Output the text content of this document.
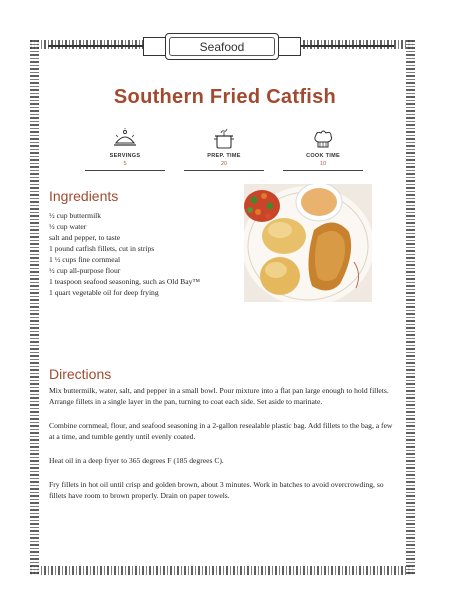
Seafood
Southern Fried Catfish
SERVINGS
5
PREP. TIME
20
COOK TIME
10
Ingredients
½ cup buttermilk
½ cup water
salt and pepper, to taste
1 pound catfish fillets, cut in strips
1 ½ cups fine cornmeal
½ cup all-purpose flour
1 teaspoon seafood seasoning, such as Old Bay™
1 quart vegetable oil for deep frying
Directions

Mix buttermilk, water, salt, and pepper in a small bowl. Pour mixture into a flat pan large enough to hold fillets. Arrange fillets in a single layer in the pan, turning to coat each side. Set aside to marinate.

Combine cornmeal, flour, and seafood seasoning in a 2-gallon resealable plastic bag. Add fillets to the bag, a few at a time, and tumble gently until evenly coated.

Heat oil in a deep fryer to 365 degrees F (185 degrees C).

Fry fillets in hot oil until crisp and golden brown, about 3 minutes. Work in batches to avoid overcrowding, so fillets have room to brown properly. Drain on paper towels.
